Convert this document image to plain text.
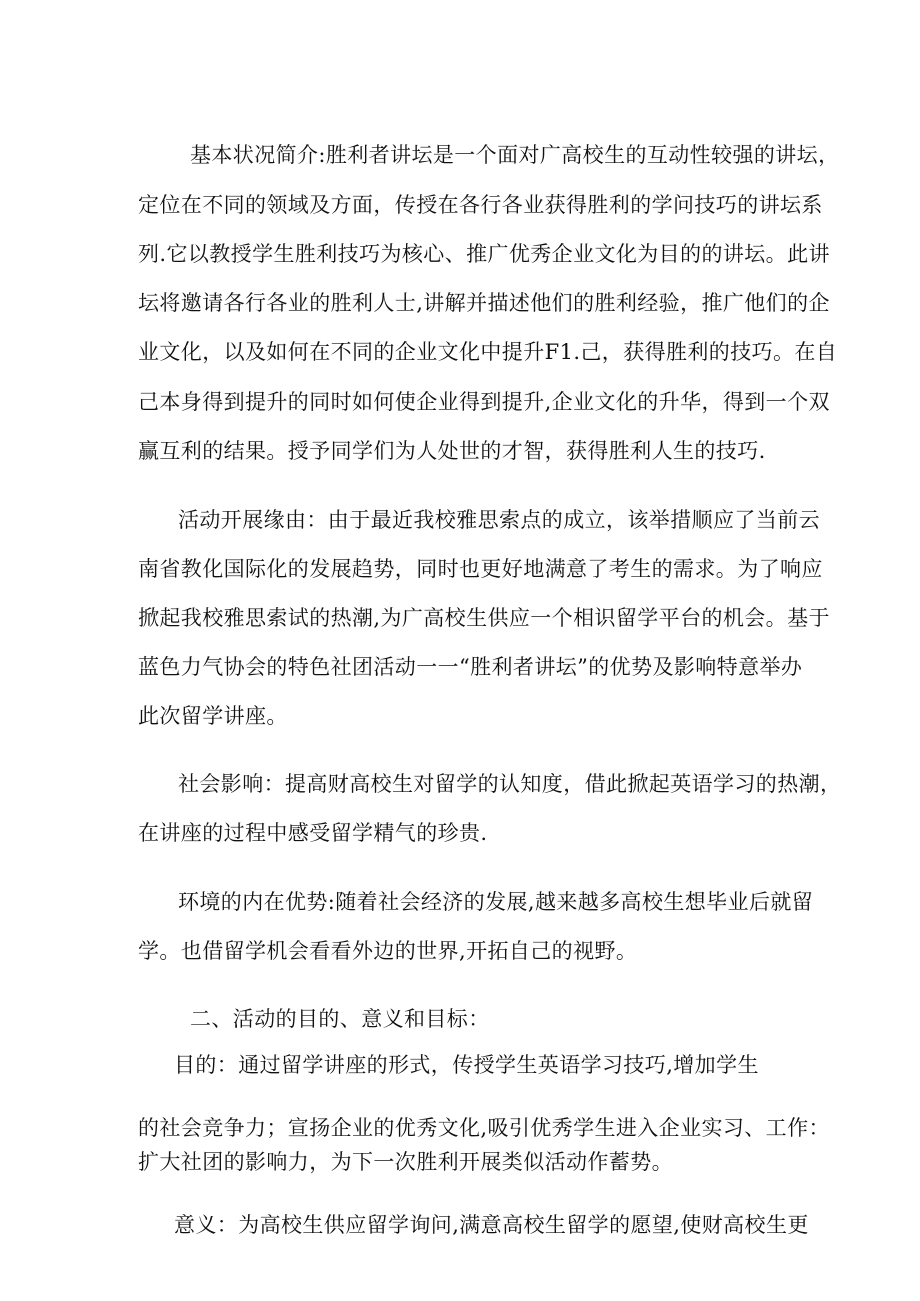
基本状况简介:胜利者讲坛是一个面对广高校生的互动性较强的讲坛，
定位在不同的领域及方面，传授在各行各业获得胜利的学问技巧的讲坛系
列.它以教授学生胜利技巧为核心、推广优秀企业文化为目的的讲坛。此讲
坛将邀请各行各业的胜利人士,讲解并描述他们的胜利经验，推广他们的企
业文化，以及如何在不同的企业文化中提升F1.己，获得胜利的技巧。在自
己本身得到提升的同时如何使企业得到提升,企业文化的升华，得到一个双
赢互利的结果。授予同学们为人处世的才智，获得胜利人生的技巧.
活动开展缘由：由于最近我校雅思索点的成立，该举措顺应了当前云
南省教化国际化的发展趋势，同时也更好地满意了考生的需求。为了响应
掀起我校雅思索试的热潮,为广高校生供应一个相识留学平台的机会。基于
蓝色力气协会的特色社团活动一一“胜利者讲坛”的优势及影响特意举办
此次留学讲座。
社会影响：提高财高校生对留学的认知度，借此掀起英语学习的热潮，
在讲座的过程中感受留学精气的珍贵.
环境的内在优势:随着社会经济的发展,越来越多高校生想毕业后就留
学。也借留学机会看看外边的世界,开拓自己的视野。
二、活动的目的、意义和目标：
目的：通过留学讲座的形式，传授学生英语学习技巧,增加学生
的社会竞争力；宣扬企业的优秀文化,吸引优秀学生进入企业实习、工作：
扩大社团的影响力，为下一次胜利开展类似活动作蓄势。
意义：为高校生供应留学询问,满意高校生留学的愿望,使财高校生更
